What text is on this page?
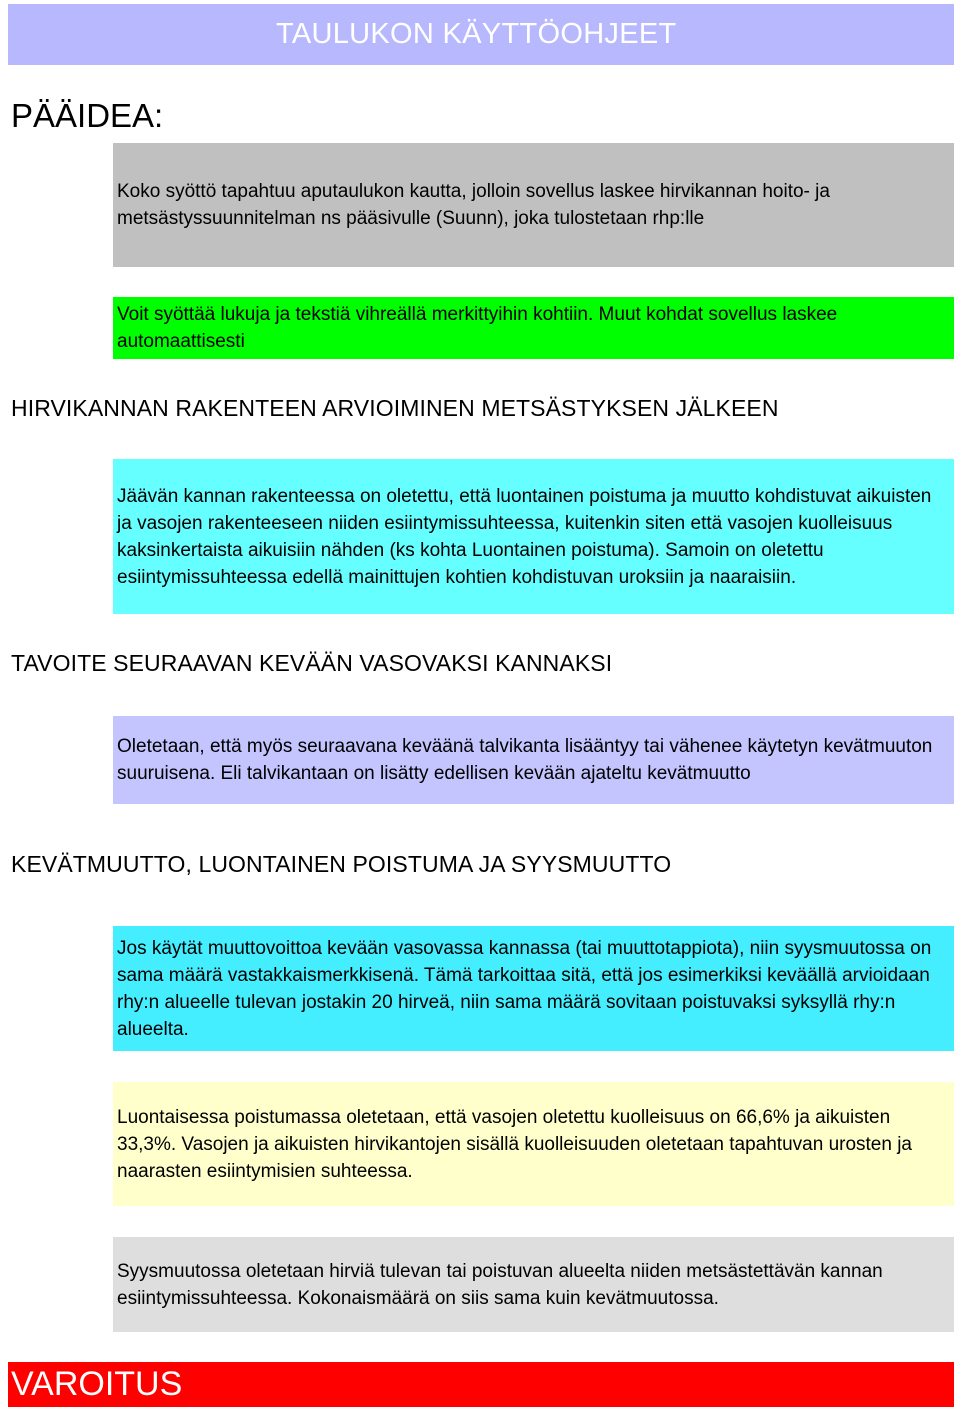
TAULUKON KÄYTTÖOHJEET
PÄÄIDEA:

Koko syöttö tapahtuu aputaulukon kautta, jolloin sovellus laskee hirvikannan hoito- ja metsästyssuunnitelman ns pääsivulle (Suunn), joka tulostetaan rhp:lle

Voit syöttää lukuja ja tekstiä vihreällä merkittyihin kohtiin. Muut kohdat sovellus laskee automaattisesti

HIRVIKANNAN RAKENTEEN ARVIOIMINEN METSÄSTYKSEN JÄLKEEN

Jäävän kannan rakenteessa on oletettu, että luontainen poistuma ja muutto kohdistuvat aikuisten ja vasojen rakenteeseen niiden esiintymissuhteessa, kuitenkin siten että vasojen kuolleisuus kaksinkertaista aikuisiin nähden (ks kohta Luontainen poistuma). Samoin on oletettu esiintymissuhteessa edellä mainittujen kohtien kohdistuvan uroksiin ja naaraisiin.

TAVOITE SEURAAVAN KEVÄÄN VASOVAKSI KANNAKSI

Oletetaan, että myös seuraavana keväänä talvikanta lisääntyy tai vähenee käytetyn kevätmuuton suuruisena. Eli talvikantaan on lisätty edellisen kevään ajateltu kevätmuutto

KEVÄTMUUTTO, LUONTAINEN POISTUMA JA SYYSMUUTTO

Jos käytät muuttovoittoa kevään vasovassa kannassa (tai muuttotappiota), niin syysmuutossa on sama määrä vastakkaismerkkisenä. Tämä tarkoittaa sitä, että jos esimerkiksi keväällä arvioidaan rhy:n alueelle tulevan jostakin 20 hirveä, niin sama määrä sovitaan poistuvaksi syksyllä rhy:n alueelta.

Luontaisessa poistumassa oletetaan, että vasojen oletettu kuolleisuus on 66,6% ja aikuisten 33,3%. Vasojen ja aikuisten hirvikantojen sisällä kuolleisuuden oletetaan tapahtuvan urosten ja naarasten esiintymisien suhteessa.

Syysmuutossa oletetaan hirviä tulevan tai poistuvan alueelta niiden metsästettävän kannan esiintymissuhteessa. Kokonaismäärä on siis sama kuin kevätmuutossa.

VAROITUS
